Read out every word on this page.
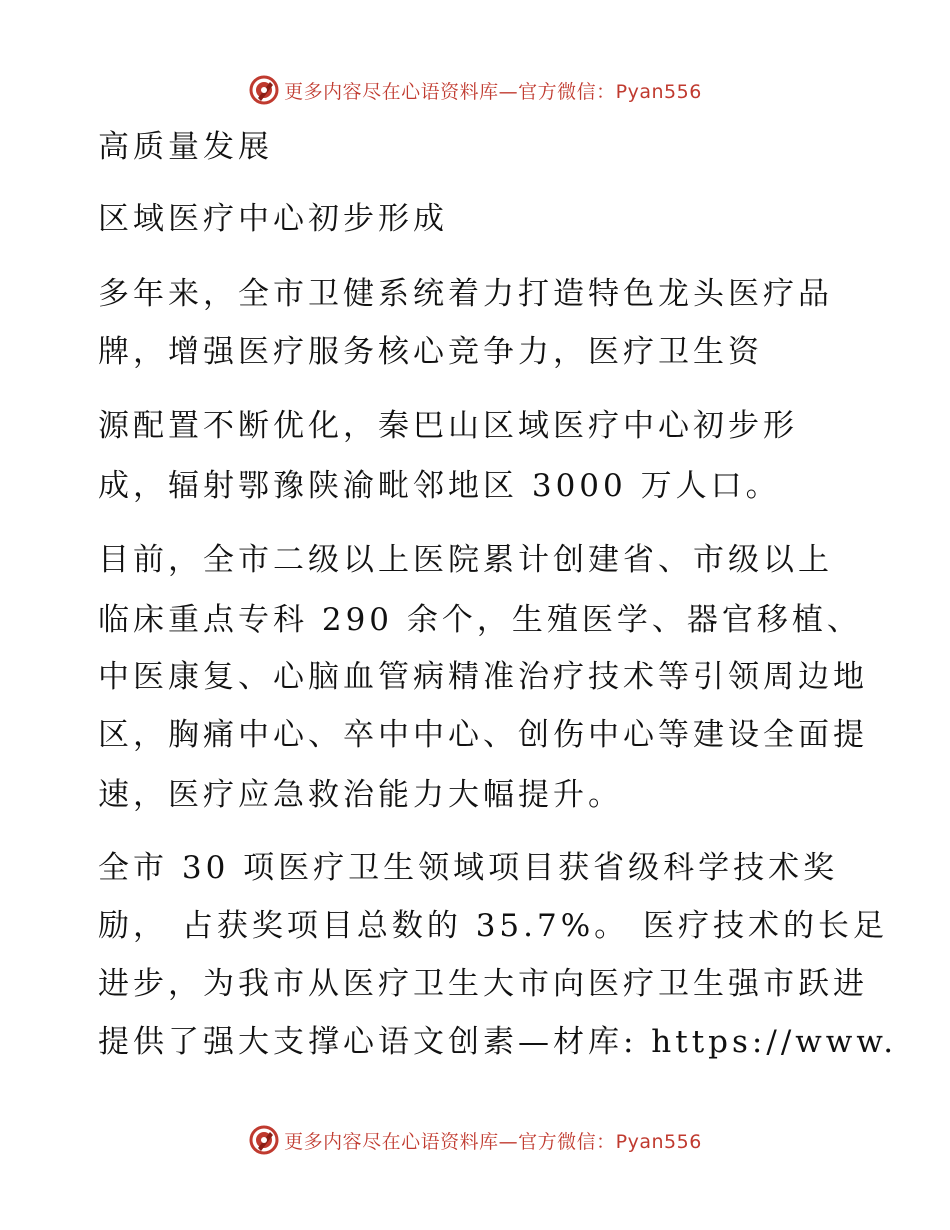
更多内容尽在心语资料库—官方微信：Pyan556
高质量发展
区域医疗中心初步形成
多年来，全市卫健系统着力打造特色龙头医疗品
牌，增强医疗服务核心竞争力，医疗卫生资
源配置不断优化，秦巴山区域医疗中心初步形
成，辐射鄂豫陕渝毗邻地区 3000 万人口。
目前，全市二级以上医院累计创建省、市级以上
临床重点专科 290 余个，生殖医学、器官移植、
中医康复、心脑血管病精准治疗技术等引领周边地
区，胸痛中心、卒中中心、创伤中心等建设全面提
速，医疗应急救治能力大幅提升。
全市 30 项医疗卫生领域项目获省级科学技术奖
励， 占获奖项目总数的 35.7%。 医疗技术的长足
进步，为我市从医疗卫生大市向医疗卫生强市跃进
提供了强大支撑心语文创素—材库: https://www.
更多内容尽在心语资料库—官方微信：Pyan556
